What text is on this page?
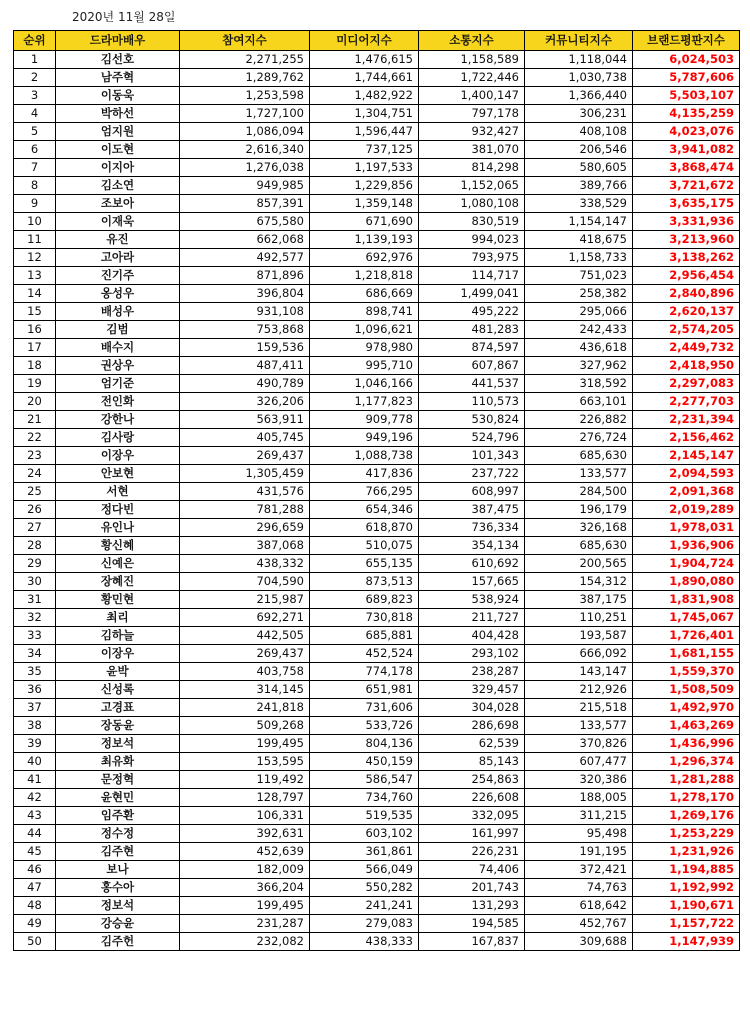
2020년 11월 28일
순위	드라마배우	참여지수	미디어지수	소통지수	커뮤니티지수	브랜드평판지수
1	김선호	2,271,255	1,476,615	1,158,589	1,118,044	6,024,503
2	남주혁	1,289,762	1,744,661	1,722,446	1,030,738	5,787,606
3	이동욱	1,253,598	1,482,922	1,400,147	1,366,440	5,503,107
4	박하선	1,727,100	1,304,751	797,178	306,231	4,135,259
5	엄지원	1,086,094	1,596,447	932,427	408,108	4,023,076
6	이도현	2,616,340	737,125	381,070	206,546	3,941,082
7	이지아	1,276,038	1,197,533	814,298	580,605	3,868,474
8	김소연	949,985	1,229,856	1,152,065	389,766	3,721,672
9	조보아	857,391	1,359,148	1,080,108	338,529	3,635,175
10	이재욱	675,580	671,690	830,519	1,154,147	3,331,936
11	유진	662,068	1,139,193	994,023	418,675	3,213,960
12	고아라	492,577	692,976	793,975	1,158,733	3,138,262
13	진기주	871,896	1,218,818	114,717	751,023	2,956,454
14	옹성우	396,804	686,669	1,499,041	258,382	2,840,896
15	배성우	931,108	898,741	495,222	295,066	2,620,137
16	김범	753,868	1,096,621	481,283	242,433	2,574,205
17	배수지	159,536	978,980	874,597	436,618	2,449,732
18	권상우	487,411	995,710	607,867	327,962	2,418,950
19	엄기준	490,789	1,046,166	441,537	318,592	2,297,083
20	전인화	326,206	1,177,823	110,573	663,101	2,277,703
21	강한나	563,911	909,778	530,824	226,882	2,231,394
22	김사랑	405,745	949,196	524,796	276,724	2,156,462
23	이장우	269,437	1,088,738	101,343	685,630	2,145,147
24	안보현	1,305,459	417,836	237,722	133,577	2,094,593
25	서현	431,576	766,295	608,997	284,500	2,091,368
26	정다빈	781,288	654,346	387,475	196,179	2,019,289
27	유인나	296,659	618,870	736,334	326,168	1,978,031
28	황신혜	387,068	510,075	354,134	685,630	1,936,906
29	신예은	438,332	655,135	610,692	200,565	1,904,724
30	장혜진	704,590	873,513	157,665	154,312	1,890,080
31	황민현	215,987	689,823	538,924	387,175	1,831,908
32	최리	692,271	730,818	211,727	110,251	1,745,067
33	김하늘	442,505	685,881	404,428	193,587	1,726,401
34	이장우	269,437	452,524	293,102	666,092	1,681,155
35	윤박	403,758	774,178	238,287	143,147	1,559,370
36	신성록	314,145	651,981	329,457	212,926	1,508,509
37	고경표	241,818	731,606	304,028	215,518	1,492,970
38	장동윤	509,268	533,726	286,698	133,577	1,463,269
39	정보석	199,495	804,136	62,539	370,826	1,436,996
40	최유화	153,595	450,159	85,143	607,477	1,296,374
41	문정혁	119,492	586,547	254,863	320,386	1,281,288
42	윤현민	128,797	734,760	226,608	188,005	1,278,170
43	임주환	106,331	519,535	332,095	311,215	1,269,176
44	정수정	392,631	603,102	161,997	95,498	1,253,229
45	김주현	452,639	361,861	226,231	191,195	1,231,926
46	보나	182,009	566,049	74,406	372,421	1,194,885
47	홍수아	366,204	550,282	201,743	74,763	1,192,992
48	정보석	199,495	241,241	131,293	618,642	1,190,671
49	강승윤	231,287	279,083	194,585	452,767	1,157,722
50	김주헌	232,082	438,333	167,837	309,688	1,147,939
